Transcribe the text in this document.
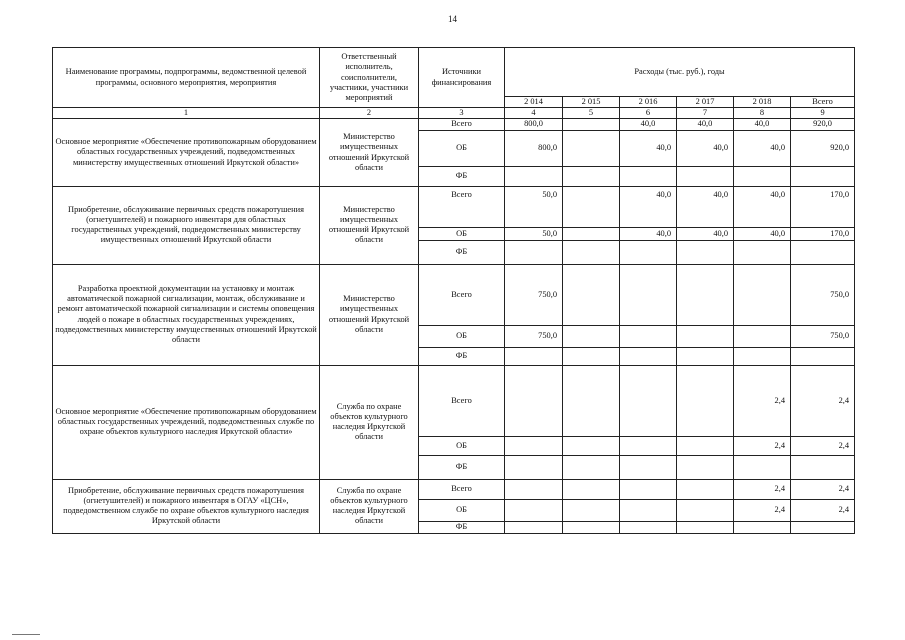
14
Наименование программы, подпрограммы, ведомственной целевой программы, основного мероприятия, мероприятия	Ответственный исполнитель, соисполнители, участники, участники мероприятий	Источники финансирования	Расходы (тыс. руб.), годы					
			2 014	2 015	2 016	2 017	2 018	Всего
1	2	3	4	5	6	7	8	9
Основное мероприятие «Обеспечение противопожарным оборудованием областных государственных учреждений, подведомственных министерству имущественных отношений Иркутской области»	Министерство имущественных отношений Иркутской области	Всего	800,0		40,0	40,0	40,0	920,0
		ОБ	800,0		40,0	40,0	40,0	920,0
		ФБ						
Приобретение, обслуживание первичных средств пожаротушения (огнетушителей) и пожарного инвентаря для областных государственных учреждений, подведомственных министерству имущественных отношений Иркутской области	Министерство имущественных отношений Иркутской области	Всего	50,0		40,0	40,0	40,0	170,0
		ОБ	50,0		40,0	40,0	40,0	170,0
		ФБ						
Разработка проектной документации на установку и монтаж автоматической пожарной сигнализации, монтаж, обслуживание и ремонт автоматической пожарной сигнализации и системы оповещения людей о пожаре в областных государственных учреждениях, подведомственных министерству имущественных отношений Иркутской области	Министерство имущественных отношений Иркутской области	Всего	750,0					750,0
		ОБ	750,0					750,0
		ФБ						
Основное мероприятие «Обеспечение противопожарным оборудованием областных государственных учреждений, подведомственных службе по охране объектов культурного наследия Иркутской области»	Служба по охране объектов культурного наследия Иркутской области	Всего					2,4	2,4
		ОБ					2,4	2,4
		ФБ						
Приобретение, обслуживание первичных средств пожаротушения (огнетушителей) и пожарного инвентаря в ОГАУ «ЦСН», подведомственном службе по охране объектов культурного наследия Иркутской области	Служба по охране объектов культурного наследия Иркутской области	Всего					2,4	2,4
		ОБ					2,4	2,4
		ФБ						
